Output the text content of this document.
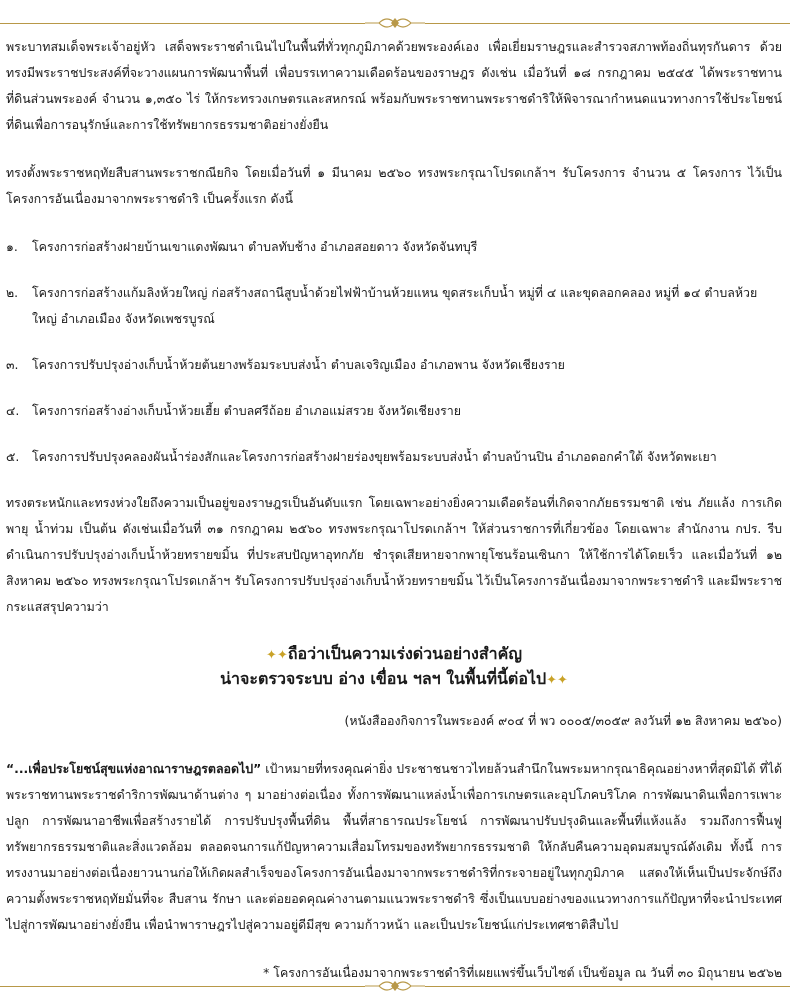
พระบาทสมเด็จพระเจ้าอยู่หัว เสด็จพระราชดำเนินไปในพื้นที่ทั่วทุกภูมิภาคด้วยพระองค์เอง เพื่อเยี่ยมราษฎรและสำรวจสภาพท้องถิ่นทุรกันดาร ด้วยทรงมีพระราชประสงค์ที่จะวางแผนการพัฒนาพื้นที่ เพื่อบรรเทาความเดือดร้อนของราษฎร ดังเช่น เมื่อวันที่ ๑๘ กรกฎาคม ๒๕๔๕ ได้พระราชทานที่ดินส่วนพระองค์ จำนวน ๑,๓๕๐ ไร่ ให้กระทรวงเกษตรและสหกรณ์ พร้อมกับพระราชทานพระราชดำริให้พิจารณากำหนดแนวทางการใช้ประโยชน์ที่ดินเพื่อการอนุรักษ์และการใช้ทรัพยากรธรรมชาติอย่างยั่งยืน

ทรงตั้งพระราชหฤทัยสืบสานพระราชกณียกิจ โดยเมื่อวันที่ ๑ มีนาคม ๒๕๖๐ ทรงพระกรุณาโปรดเกล้าฯ รับโครงการ จำนวน ๕ โครงการ ไว้เป็นโครงการอันเนื่องมาจากพระราชดำริ เป็นครั้งแรก ดังนี้

๑.	โครงการก่อสร้างฝายบ้านเขาแดงพัฒนา ตำบลทับช้าง อำเภอสอยดาว จังหวัดจันทบุรี
๒.	โครงการก่อสร้างแก้มลิงห้วยใหญ่ ก่อสร้างสถานีสูบน้ำด้วยไฟฟ้าบ้านห้วยแหน ขุดสระเก็บน้ำ หมู่ที่ ๔ และขุดลอกคลอง หมู่ที่ ๑๔ ตำบลห้วยใหญ่ อำเภอเมือง จังหวัดเพชรบูรณ์
๓.	โครงการปรับปรุงอ่างเก็บน้ำห้วยต้นยางพร้อมระบบส่งน้ำ ตำบลเจริญเมือง อำเภอพาน จังหวัดเชียงราย
๔.	โครงการก่อสร้างอ่างเก็บน้ำห้วยเฮี้ย ตำบลศรีถ้อย อำเภอแม่สรวย จังหวัดเชียงราย
๕.	โครงการปรับปรุงคลองผันน้ำร่องสักและโครงการก่อสร้างฝายร่องขุยพร้อมระบบส่งน้ำ ตำบลบ้านปิน อำเภอดอกคำใต้ จังหวัดพะเยา

ทรงตระหนักและทรงห่วงใยถึงความเป็นอยู่ของราษฎรเป็นอันดับแรก โดยเฉพาะอย่างยิ่งความเดือดร้อนที่เกิดจากภัยธรรมชาติ เช่น ภัยแล้ง การเกิดพายุ น้ำท่วม เป็นต้น ดังเช่นเมื่อวันที่ ๓๑ กรกฎาคม ๒๕๖๐ ทรงพระกรุณาโปรดเกล้าฯ ให้ส่วนราชการที่เกี่ยวข้อง โดยเฉพาะ สำนักงาน กปร. รีบดำเนินการปรับปรุงอ่างเก็บน้ำห้วยทรายขมิ้น ที่ประสบปัญหาอุทกภัย ชำรุดเสียหายจากพายุโซนร้อนเซินกา ให้ใช้การได้โดยเร็ว และเมื่อวันที่ ๑๒ สิงหาคม ๒๕๖๐ ทรงพระกรุณาโปรดเกล้าฯ รับโครงการปรับปรุงอ่างเก็บน้ำห้วยทรายขมิ้น ไว้เป็นโครงการอันเนื่องมาจากพระราชดำริ และมีพระราชกระแสสรุปความว่า

✦✦ถือว่าเป็นความเร่งด่วนอย่างสำคัญ
น่าจะตรวจระบบ อ่าง เขื่อน ฯลฯ ในพื้นที่นี้ต่อไป✦✦

(หนังสือองกิจการในพระองค์ ๙๐๔ ที่ พว ๐๐๐๕/๓๐๕๙ ลงวันที่ ๑๒ สิงหาคม ๒๕๖๐)

“...เพื่อประโยชน์สุขแห่งอาณาราษฎรตลอดไป” เป้าหมายที่ทรงคุณค่ายิ่ง ประชาชนชาวไทยล้วนสำนึกในพระมหากรุณาธิคุณอย่างหาที่สุดมิได้ ที่ได้พระราชทานพระราชดำริการพัฒนาด้านต่าง ๆ มาอย่างต่อเนื่อง ทั้งการพัฒนาแหล่งน้ำเพื่อการเกษตรและอุปโภคบริโภค การพัฒนาดินเพื่อการเพาะปลูก การพัฒนาอาชีพเพื่อสร้างรายได้ การปรับปรุงพื้นที่ดิน พื้นที่สาธารณประโยชน์ การพัฒนาปรับปรุงดินและพื้นที่แห้งแล้ง รวมถึงการฟื้นฟูทรัพยากรธรรมชาติและสิ่งแวดล้อม ตลอดจนการแก้ปัญหาความเสื่อมโทรมของทรัพยากรธรรมชาติ ให้กลับคืนความอุดมสมบูรณ์ดังเดิม ทั้งนี้ การทรงงานมาอย่างต่อเนื่องยาวนานก่อให้เกิดผลสำเร็จของโครงการอันเนื่องมาจากพระราชดำริที่กระจายอยู่ในทุกภูมิภาค แสดงให้เห็นเป็นประจักษ์ถึงความตั้งพระราชหฤทัยมั่นที่จะ สืบสาน รักษา และต่อยอดคุณค่างานตามแนวพระราชดำริ ซึ่งเป็นแบบอย่างของแนวทางการแก้ปัญหาที่จะนำประเทศไปสู่การพัฒนาอย่างยั่งยืน เพื่อนำพาราษฎรไปสู่ความอยู่ดีมีสุข ความก้าวหน้า และเป็นประโยชน์แก่ประเทศชาติสืบไป

* โครงการอันเนื่องมาจากพระราชดำริที่เผยแพร่ขึ้นเว็บไซต์ เป็นข้อมูล ณ วันที่ ๓๐ มิถุนายน ๒๕๖๒
